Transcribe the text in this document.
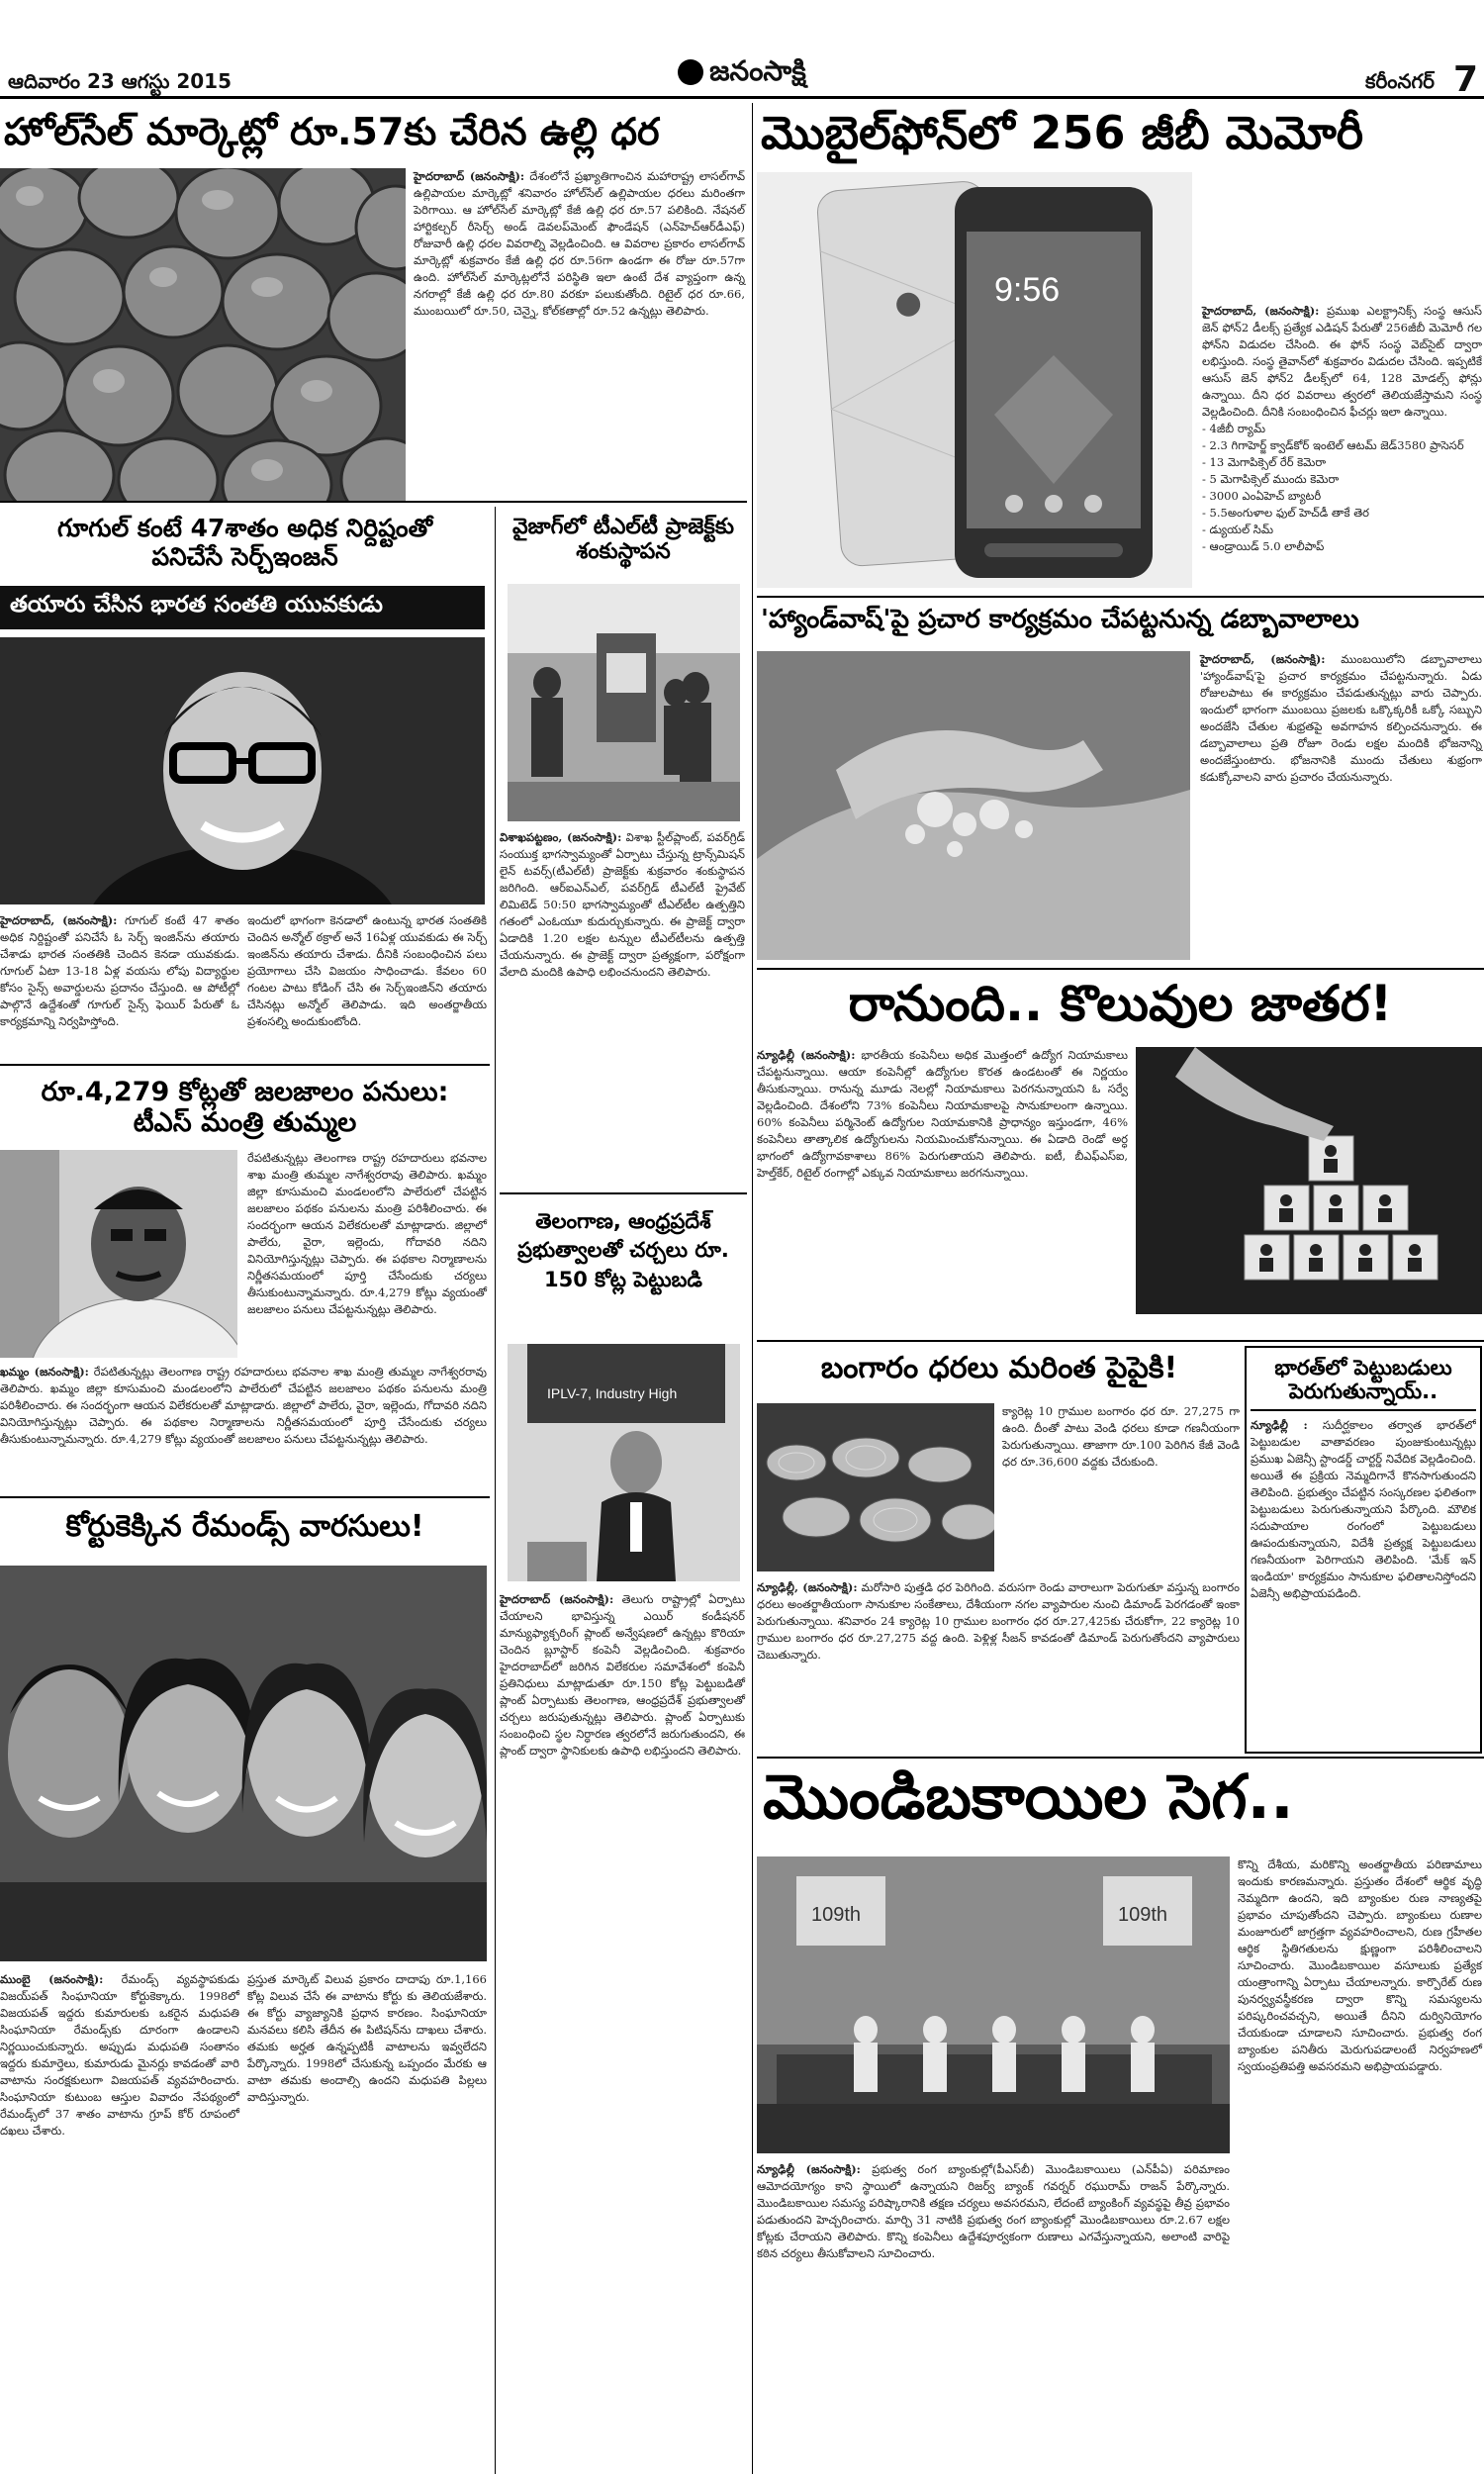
ఆదివారం 23 ఆగస్టు 2015	జనంసాక్షి	కరీంనగర్ 7
హోల్‌సేల్ మార్కెట్లో రూ.57కు చేరిన ఉల్లి ధర
హైదరాబాద్ (జనంసాక్షి): దేశంలోనే ప్రఖ్యాతిగాంచిన మహారాష్ట్ర లాసల్‌గావ్ ఉల్లిపాయల మార్కెట్లో శనివారం హోల్‌సేల్ ఉల్లిపాయల ధరలు మరింతగా పెరిగాయి. ఆ హోల్‌సేల్ మార్కెట్లో కేజీ ఉల్లి ధర రూ.57 పలికింది. నేషనల్ హార్టికల్చర్ రీసెర్చ్ అండ్ డెవలప్‌మెంట్ ఫౌండేషన్ (ఎన్‌హెచ్‌ఆర్‌డీఎఫ్) రోజువారీ ఉల్లి ధరల వివరాల్ని వెల్లడించింది. ఆ వివరాల ప్రకారం లాసల్‌గావ్ మార్కెట్లో శుక్రవారం కేజీ ఉల్లి ధర రూ.56గా ఉండగా ఈ రోజు రూ.57గా ఉంది. హోల్‌సేల్ మార్కెట్లలోనే పరిస్థితి ఇలా ఉంటే దేశ వ్యాప్తంగా ఉన్న నగరాల్లో కేజీ ఉల్లి ధర రూ.80 వరకూ పలుకుతోంది. రిటైల్ ధర రూ.66, ముంబయిలో రూ.50, చెన్నై, కోల్‌కతాల్లో రూ.52 ఉన్నట్లు తెలిపారు.
గూగుల్ కంటే 47శాతం అధిక నిర్దిష్టంతో
పనిచేసే సెర్చ్‌ఇంజన్
తయారు చేసిన భారత సంతతి యువకుడు
హైదరాబాద్, (జనంసాక్షి): గూగుల్ కంటే 47 శాతం అధిక నిర్దిష్టంతో పనిచేసే ఓ సెర్చ్ ఇంజిన్‌ను తయారు చేశాడు భారత సంతతికి చెందిన కెనడా యువకుడు. గూగుల్ ఏటా 13-18 ఏళ్ల వయసు లోపు విద్యార్థుల కోసం సైన్స్ అవార్డులను ప్రదానం చేస్తుంది. ఆ పోటీల్లో పాల్గొనే ఉద్దేశంతో గూగుల్ సైన్స్ ఫెయిర్ పేరుతో ఓ కార్యక్రమాన్ని నిర్వహిస్తోంది.
ఇందులో భాగంగా కెనడాలో ఉంటున్న భారత సంతతికి చెందిన అన్మోల్ ఠక్రాల్ అనే 16ఏళ్ల యువకుడు ఈ సెర్చ్ ఇంజిన్‌ను తయారు చేశాడు. దీనికి సంబంధించిన పలు ప్రయోగాలు చేసి విజయం సాధించాడు. కేవలం 60 గంటల పాటు కోడింగ్ చేసి ఈ సెర్చ్‌ఇంజిన్‌ని తయారు చేసినట్లు అన్మోల్ తెలిపాడు. ఇది అంతర్జాతీయ ప్రశంసల్ని అందుకుంటోంది.
రూ.4,279 కోట్లతో జలజాలం పనులు:
టీఎస్ మంత్రి తుమ్మల
రేపటితున్నట్లు తెలంగాణ రాష్ట్ర రహదారులు భవనాల శాఖ మంత్రి తుమ్మల నాగేశ్వరరావు తెలిపారు. ఖమ్మం జిల్లా కూసుమంచి మండలంలోని పాలేరులో చేపట్టిన జలజాలం పథకం పనులను మంత్రి పరిశీలించారు. ఈ సందర్భంగా ఆయన విలేకరులతో మాట్లాడారు. జిల్లాలో పాలేరు, వైరా, ఇల్లెందు, గోదావరి నదిని వినియోగిస్తున్నట్లు చెప్పారు. ఈ పథకాల నిర్మాణాలను నిర్ణీతసమయంలో పూర్తి చేసేందుకు చర్యలు తీసుకుంటున్నామన్నారు. రూ.4,279 కోట్లు వ్యయంతో జలజాలం పనులు చేపట్టనున్నట్లు తెలిపారు.
ఖమ్మం (జనంసాక్షి): రేపటితున్నట్లు తెలంగాణ రాష్ట్ర రహదారులు భవనాల శాఖ మంత్రి తుమ్మల నాగేశ్వరరావు తెలిపారు. ఖమ్మం జిల్లా కూసుమంచి మండలంలోని పాలేరులో చేపట్టిన జలజాలం పథకం పనులను మంత్రి పరిశీలించారు. ఈ సందర్భంగా ఆయన విలేకరులతో మాట్లాడారు. జిల్లాలో పాలేరు, వైరా, ఇల్లెందు, గోదావరి నదిని వినియోగిస్తున్నట్లు చెప్పారు. ఈ పథకాల నిర్మాణాలను నిర్ణీతసమయంలో పూర్తి చేసేందుకు చర్యలు తీసుకుంటున్నామన్నారు. రూ.4,279 కోట్లు వ్యయంతో జలజాలం పనులు చేపట్టనున్నట్లు తెలిపారు.
కోర్టుకెక్కిన రేమండ్స్ వారసులు!
ముంబై (జనంసాక్షి): రేమండ్స్ వ్యవస్థాపకుడు విజయ్‌పత్ సింఘానియా కోర్టుకెక్కారు. 1998లో విజయపత్ ఇద్దరు కుమారులకు ఒకరైన మధుపతి సింఘానియా రేమండ్స్‌కు దూరంగా ఉండాలని నిర్ణయించుకున్నారు. అప్పుడు మధుపతి సంతానం ఇద్దరు కుమార్తెలు, కుమారుడు మైనర్లు కావడంతో వారి వాటాను సంరక్షకులుగా విజయపత్ వ్యవహరించారు. సింఘానియా కుటుంబ ఆస్తుల వివాదం నేపథ్యంలో రేమండ్స్‌లో 37 శాతం వాటాను గ్రూప్ కోర్ రూపంలో దఖలు చేశారు.
ప్రస్తుత మార్కెట్ విలువ ప్రకారం దాదాపు రూ.1,166 కోట్ల విలువ చేసే ఈ వాటాను కోర్టు కు తెలియజేశారు. ఈ కోర్టు వ్యాజ్యానికి ప్రధాన కారణం. సింఘానియా మనవలు కలిసి తేదీన ఈ పిటిషన్‌ను దాఖలు చేశారు. తమకు అర్హత ఉన్నప్పటికీ వాటాలను ఇవ్వలేదని పేర్కొన్నారు. 1998లో చేసుకున్న ఒప్పందం మేరకు ఆ వాటా తమకు అందాల్సి ఉందని మధుపతి పిల్లలు వాదిస్తున్నారు.
వైజాగ్‌లో టీఎల్‌టీ ప్రాజెక్ట్‌కు శంకుస్థాపన
విశాఖపట్టణం, (జనంసాక్షి): విశాఖ స్టీల్‌ప్లాంట్, పవర్‌గ్రిడ్ సంయుక్త భాగస్వామ్యంతో ఏర్పాటు చేస్తున్న ట్రాన్స్‌మిషన్ లైన్ టవర్స్(టీఎల్‌టీ) ప్రాజెక్ట్‌కు శుక్రవారం శంకుస్థాపన జరిగింది. ఆర్‌ఐఎన్‌ఎల్, పవర్‌గ్రిడ్ టీఎల్‌టీ ప్రైవేట్ లిమిటెడ్ 50:50 భాగస్వామ్యంతో టీఎల్‌టీల ఉత్పత్తిని గతంలో ఎంఓయూ కుదుర్చుకున్నారు. ఈ ప్రాజెక్ట్ ద్వారా ఏడాదికి 1.20 లక్షల టన్నుల టీఎల్‌టీలను ఉత్పత్తి చేయనున్నారు. ఈ ప్రాజెక్ట్ ద్వారా ప్రత్యక్షంగా, పరోక్షంగా వేలాది మందికి ఉపాధి లభించనుందని తెలిపారు.
తెలంగాణ, ఆంధ్రప్రదేశ్ ప్రభుత్వాలతో చర్చలు రూ. 150 కోట్ల పెట్టుబడి
IPLV-7, Industry High
హైదరాబాద్ (జనంసాక్షి): తెలుగు రాష్ట్రాల్లో ఏర్పాటు చేయాలని భావిస్తున్న ఎయిర్ కండీషనర్ మాన్యుఫ్యాక్చరింగ్ ప్లాంట్ అన్వేషణలో ఉన్నట్లు కొరియా చెందిన బ్లూస్టార్ కంపెనీ వెల్లడించింది. శుక్రవారం హైదరాబాద్‌లో జరిగిన విలేకరుల సమావేశంలో కంపెనీ ప్రతినిధులు మాట్లాడుతూ రూ.150 కోట్ల పెట్టుబడితో ప్లాంట్ ఏర్పాటుకు తెలంగాణ, ఆంధ్రప్రదేశ్ ప్రభుత్వాలతో చర్చలు జరుపుతున్నట్లు తెలిపారు. ప్లాంట్ ఏర్పాటుకు సంబంధించి స్థల నిర్ధారణ త్వరలోనే జరుగుతుందని, ఈ ప్లాంట్ ద్వారా స్థానికులకు ఉపాధి లభిస్తుందని తెలిపారు.
మొబైల్‌ఫోన్‌లో 256 జీబీ మెమోరీ
9:56
హైదరాబాద్, (జనంసాక్షి): ప్రముఖ ఎలక్ట్రానిక్స్ సంస్థ ఆసుస్ జెన్ ఫోన్2 డీలక్స్ ప్రత్యేక ఎడిషన్ పేరుతో 256జీబీ మెమోరీ గల ఫోన్‌ని విడుదల చేసింది. ఈ ఫోన్ సంస్థ వెబ్‌సైట్ ద్వారా లభిస్తుంది. సంస్థ తైవాన్‌లో శుక్రవారం విడుదల చేసింది. ఇప్పటికే ఆసుస్ జెన్ ఫోన్2 డీలక్స్‌లో 64, 128 మోడల్స్ ఫోన్లు ఉన్నాయి. దీని ధర వివరాలు త్వరలో తెలియజేస్తామని సంస్థ వెల్లడించింది. దీనికి సంబంధించిన ఫీచర్లు ఇలా ఉన్నాయి.
- 4జీబీ ర్యామ్
- 2.3 గిగాహెర్జ్ క్వాడ్‌కోర్ ఇంటెల్ ఆటమ్ జెడ్3580 ప్రాసెసర్
- 13 మెగాపిక్సెల్ రేర్ కెమెరా
- 5 మెగాపిక్సెల్ ముందు కెమెరా
- 3000 ఎంఏహెచ్ బ్యాటరీ
- 5.5అంగుళాల ఫుల్ హెచ్‌డీ తాకే తెర
- డ్యుయల్ సిమ్
- ఆండ్రాయిడ్ 5.0 లాలీపాప్
'హ్యాండ్‌వాష్'పై ప్రచార కార్యక్రమం చేపట్టనున్న డబ్బావాలాలు
హైదరాబాద్, (జనంసాక్షి): ముంబయిలోని డబ్బావాలాలు 'హ్యాండ్‌వాష్'పై ప్రచార కార్యక్రమం చేపట్టనున్నారు. ఏడు రోజులపాటు ఈ కార్యక్రమం చేపడుతున్నట్లు వారు చెప్పారు. ఇందులో భాగంగా ముంబయి ప్రజలకు ఒక్కొక్కరికీ ఒక్కో సబ్బుని అందజేసి చేతుల శుభ్రతపై అవగాహన కల్పించనున్నారు. ఈ డబ్బావాలాలు ప్రతి రోజూ రెండు లక్షల మందికి భోజనాన్ని అందజేస్తుంటారు. భోజనానికి ముందు చేతులు శుభ్రంగా కడుక్కోవాలని వారు ప్రచారం చేయనున్నారు.
రానుంది.. కొలువుల జాతర!
న్యూఢిల్లీ (జనంసాక్షి): భారతీయ కంపెనీలు అధిక మొత్తంలో ఉద్యోగ నియామకాలు చేపట్టనున్నాయి. ఆయా కంపెనీల్లో ఉద్యోగుల కొరత ఉండటంతో ఈ నిర్ణయం తీసుకున్నాయి. రానున్న మూడు నెలల్లో నియామకాలు పెరగనున్నాయని ఓ సర్వే వెల్లడించింది. దేశంలోని 73% కంపెనీలు నియామకాలపై సానుకూలంగా ఉన్నాయి. 60% కంపెనీలు పర్మినెంట్ ఉద్యోగుల నియామకానికి ప్రాధాన్యం ఇస్తుండగా, 46% కంపెనీలు తాత్కాలిక ఉద్యోగులను నియమించుకోనున్నాయి. ఈ ఏడాది రెండో అర్ధ భాగంలో ఉద్యోగావకాశాలు 86% పెరుగుతాయని తెలిపారు. ఐటీ, బీఎఫ్ఎస్ఐ, హెల్త్‌కేర్, రిటైల్ రంగాల్లో ఎక్కువ నియామకాలు జరగనున్నాయి.
బంగారం ధరలు మరింత పైపైకి!
క్యారెట్ల 10 గ్రాముల బంగారం ధర రూ. 27,275 గా ఉంది. దీంతో పాటు వెండి ధరలు కూడా గణనీయంగా పెరుగుతున్నాయి. తాజాగా రూ.100 పెరిగిన కేజీ వెండి ధర రూ.36,600 వద్దకు చేరుకుంది.
న్యూఢిల్లీ, (జనంసాక్షి): మరోసారి పుత్తడి ధర పెరిగింది. వరుసగా రెండు వారాలుగా పెరుగుతూ వస్తున్న బంగారం ధరలు అంతర్జాతీయంగా సానుకూల సంకేతాలు, దేశీయంగా నగల వ్యాపారుల నుంచి డిమాండ్ పెరగడంతో ఇంకా పెరుగుతున్నాయి. శనివారం 24 క్యారెట్ల 10 గ్రాముల బంగారం ధర రూ.27,425కు చేరుకోగా, 22 క్యారెట్ల 10 గ్రాముల బంగారం ధర రూ.27,275 వద్ద ఉంది. పెళ్లిళ్ల సీజన్ కావడంతో డిమాండ్ పెరుగుతోందని వ్యాపారులు చెబుతున్నారు.
భారత్‌లో పెట్టుబడులు
పెరుగుతున్నాయ్..
న్యూఢిల్లీ : సుదీర్ఘకాలం తర్వాత భారత్‌లో పెట్టుబడుల వాతావరణం పుంజుకుంటున్నట్లు ప్రముఖ ఏజెన్సీ స్టాండర్డ్ చార్టర్డ్ నివేదిక వెల్లడించింది. అయితే ఈ ప్రక్రియ నెమ్మదిగానే కొనసాగుతుందని తెలిపింది. ప్రభుత్వం చేపట్టిన సంస్కరణల ఫలితంగా పెట్టుబడులు పెరుగుతున్నాయని పేర్కొంది. మౌలిక సదుపాయాల రంగంలో పెట్టుబడులు ఊపందుకున్నాయని, విదేశీ ప్రత్యక్ష పెట్టుబడులు గణనీయంగా పెరిగాయని తెలిపింది. 'మేక్ ఇన్ ఇండియా' కార్యక్రమం సానుకూల ఫలితాలనిస్తోందని ఏజెన్సీ అభిప్రాయపడింది.
మొండిబకాయిల సెగ..
109th	109th
కొన్ని దేశీయ, మరికొన్ని అంతర్జాతీయ పరిణామాలు ఇందుకు కారణమన్నారు. ప్రస్తుతం దేశంలో ఆర్థిక వృద్ధి నెమ్మదిగా ఉందని, ఇది బ్యాంకుల రుణ నాణ్యతపై ప్రభావం చూపుతోందని చెప్పారు. బ్యాంకులు రుణాల మంజూరులో జాగ్రత్తగా వ్యవహరించాలని, రుణ గ్రహీతల ఆర్థిక స్థితిగతులను క్షుణ్ణంగా పరిశీలించాలని సూచించారు. మొండిబకాయిల వసూలుకు ప్రత్యేక యంత్రాంగాన్ని ఏర్పాటు చేయాలన్నారు. కార్పొరేట్ రుణ పునర్వ్యవస్థీకరణ ద్వారా కొన్ని సమస్యలను పరిష్కరించవచ్చని, అయితే దీనిని దుర్వినియోగం చేయకుండా చూడాలని సూచించారు. ప్రభుత్వ రంగ బ్యాంకుల పనితీరు మెరుగుపడాలంటే నిర్వహణలో స్వయంప్రతిపత్తి అవసరమని అభిప్రాయపడ్డారు.
న్యూఢిల్లీ (జనంసాక్షి): ప్రభుత్వ రంగ బ్యాంకుల్లో(పీఎస్‌బీ) మొండిబకాయిలు (ఎన్‌పీఏ) పరిమాణం ఆమోదయోగ్యం కాని స్థాయిలో ఉన్నాయని రిజర్వ్ బ్యాంక్ గవర్నర్ రఘురామ్ రాజన్ పేర్కొన్నారు. మొండిబకాయిల సమస్య పరిష్కారానికి తక్షణ చర్యలు అవసరమని, లేదంటే బ్యాంకింగ్ వ్యవస్థపై తీవ్ర ప్రభావం పడుతుందని హెచ్చరించారు. మార్చి 31 నాటికి ప్రభుత్వ రంగ బ్యాంకుల్లో మొండిబకాయిలు రూ.2.67 లక్షల కోట్లకు చేరాయని తెలిపారు. కొన్ని కంపెనీలు ఉద్దేశపూర్వకంగా రుణాలు ఎగవేస్తున్నాయని, అలాంటి వారిపై కఠిన చర్యలు తీసుకోవాలని సూచించారు.
